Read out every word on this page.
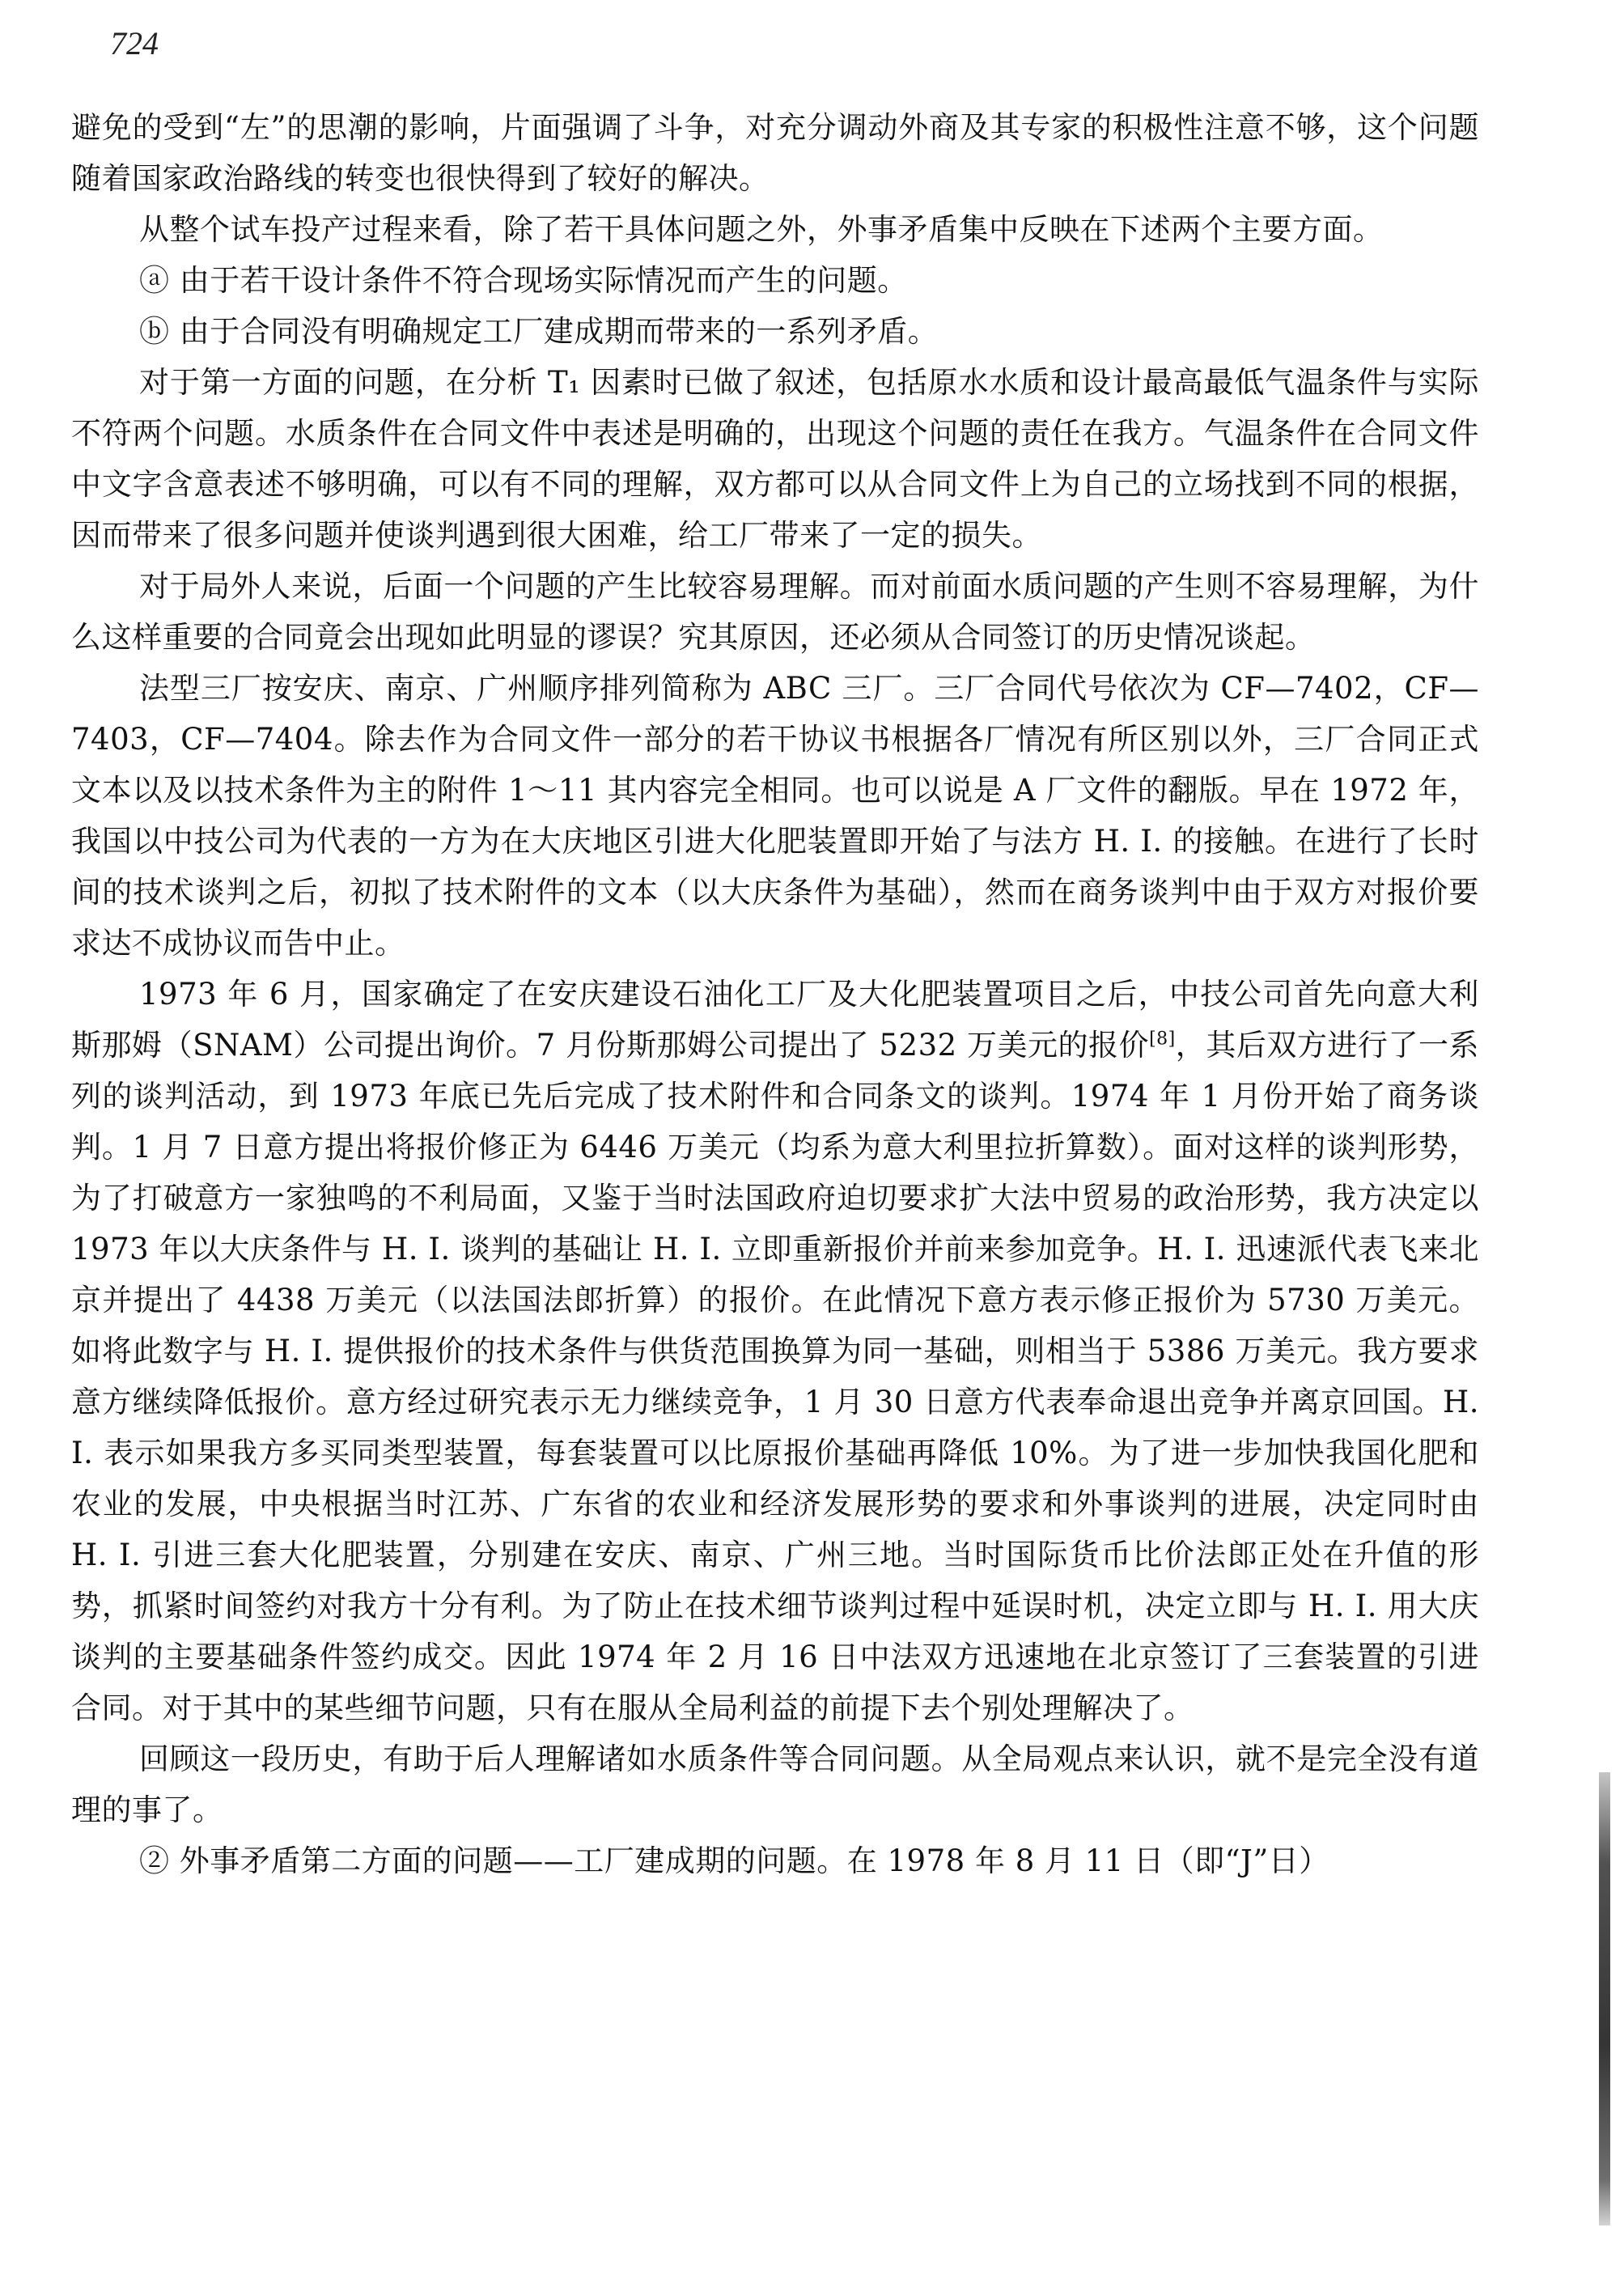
724

避免的受到“左”的思潮的影响，片面强调了斗争，对充分调动外商及其专家的积极性注意不够，这个问题随着国家政治路线的转变也很快得到了较好的解决。

从整个试车投产过程来看，除了若干具体问题之外，外事矛盾集中反映在下述两个主要方面。

ⓐ 由于若干设计条件不符合现场实际情况而产生的问题。

ⓑ 由于合同没有明确规定工厂建成期而带来的一系列矛盾。

对于第一方面的问题，在分析 T₁ 因素时已做了叙述，包括原水水质和设计最高最低气温条件与实际不符两个问题。水质条件在合同文件中表述是明确的，出现这个问题的责任在我方。气温条件在合同文件中文字含意表述不够明确，可以有不同的理解，双方都可以从合同文件上为自己的立场找到不同的根据，因而带来了很多问题并使谈判遇到很大困难，给工厂带来了一定的损失。

对于局外人来说，后面一个问题的产生比较容易理解。而对前面水质问题的产生则不容易理解，为什么这样重要的合同竟会出现如此明显的谬误？究其原因，还必须从合同签订的历史情况谈起。

法型三厂按安庆、南京、广州顺序排列简称为 ABC 三厂。三厂合同代号依次为 CF—7402，CF—7403，CF—7404。除去作为合同文件一部分的若干协议书根据各厂情况有所区别以外，三厂合同正式文本以及以技术条件为主的附件 1～11 其内容完全相同。也可以说是 A 厂文件的翻版。早在 1972 年，我国以中技公司为代表的一方为在大庆地区引进大化肥装置即开始了与法方 H. I. 的接触。在进行了长时间的技术谈判之后，初拟了技术附件的文本（以大庆条件为基础），然而在商务谈判中由于双方对报价要求达不成协议而告中止。

1973 年 6 月，国家确定了在安庆建设石油化工厂及大化肥装置项目之后，中技公司首先向意大利斯那姆（SNAM）公司提出询价。7 月份斯那姆公司提出了 5232 万美元的报价[8]，其后双方进行了一系列的谈判活动，到 1973 年底已先后完成了技术附件和合同条文的谈判。1974 年 1 月份开始了商务谈判。1 月 7 日意方提出将报价修正为 6446 万美元（均系为意大利里拉折算数）。面对这样的谈判形势，为了打破意方一家独鸣的不利局面，又鉴于当时法国政府迫切要求扩大法中贸易的政治形势，我方决定以 1973 年以大庆条件与 H. I. 谈判的基础让 H. I. 立即重新报价并前来参加竞争。H. I. 迅速派代表飞来北京并提出了 4438 万美元（以法国法郎折算）的报价。在此情况下意方表示修正报价为 5730 万美元。如将此数字与 H. I. 提供报价的技术条件与供货范围换算为同一基础，则相当于 5386 万美元。我方要求意方继续降低报价。意方经过研究表示无力继续竞争，1 月 30 日意方代表奉命退出竞争并离京回国。H. I. 表示如果我方多买同类型装置，每套装置可以比原报价基础再降低 10%。为了进一步加快我国化肥和农业的发展，中央根据当时江苏、广东省的农业和经济发展形势的要求和外事谈判的进展，决定同时由 H. I. 引进三套大化肥装置，分别建在安庆、南京、广州三地。当时国际货币比价法郎正处在升值的形势，抓紧时间签约对我方十分有利。为了防止在技术细节谈判过程中延误时机，决定立即与 H. I. 用大庆谈判的主要基础条件签约成交。因此 1974 年 2 月 16 日中法双方迅速地在北京签订了三套装置的引进合同。对于其中的某些细节问题，只有在服从全局利益的前提下去个别处理解决了。

回顾这一段历史，有助于后人理解诸如水质条件等合同问题。从全局观点来认识，就不是完全没有道理的事了。

② 外事矛盾第二方面的问题——工厂建成期的问题。在 1978 年 8 月 11 日（即“J”日）
